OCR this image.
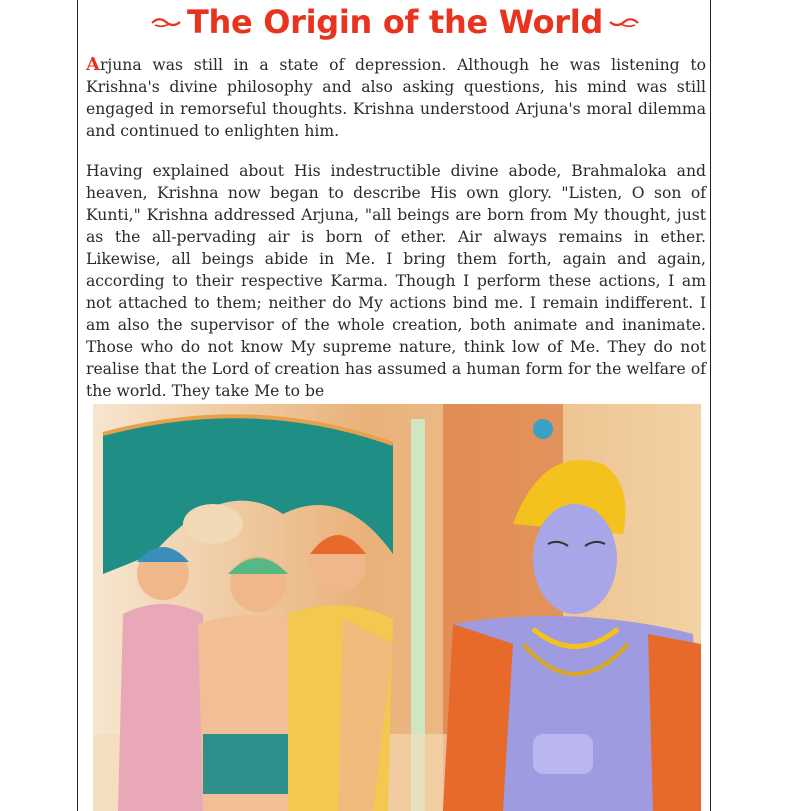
The Origin of the World

Arjuna was still in a state of depression. Although he was listening to Krishna's divine philosophy and also asking questions, his mind was still engaged in remorseful thoughts. Krishna understood Arjuna's moral dilemma and continued to enlighten him.

Having explained about His indestructible divine abode, Brahmaloka and heaven, Krishna now began to describe His own glory. "Listen, O son of Kunti," Krishna addressed Arjuna, "all beings are born from My thought, just as the all-pervading air is born of ether. Air always remains in ether. Likewise, all beings abide in Me. I bring them forth, again and again, according to their respective Karma. Though I perform these actions, I am not attached to them; neither do My actions bind me. I remain indifferent. I am also the supervisor of the whole creation, both animate and inanimate. Those who do not know My supreme nature, think low of Me. They do not realise that the Lord of creation has assumed a human form for the welfare of the world. They take Me to be
